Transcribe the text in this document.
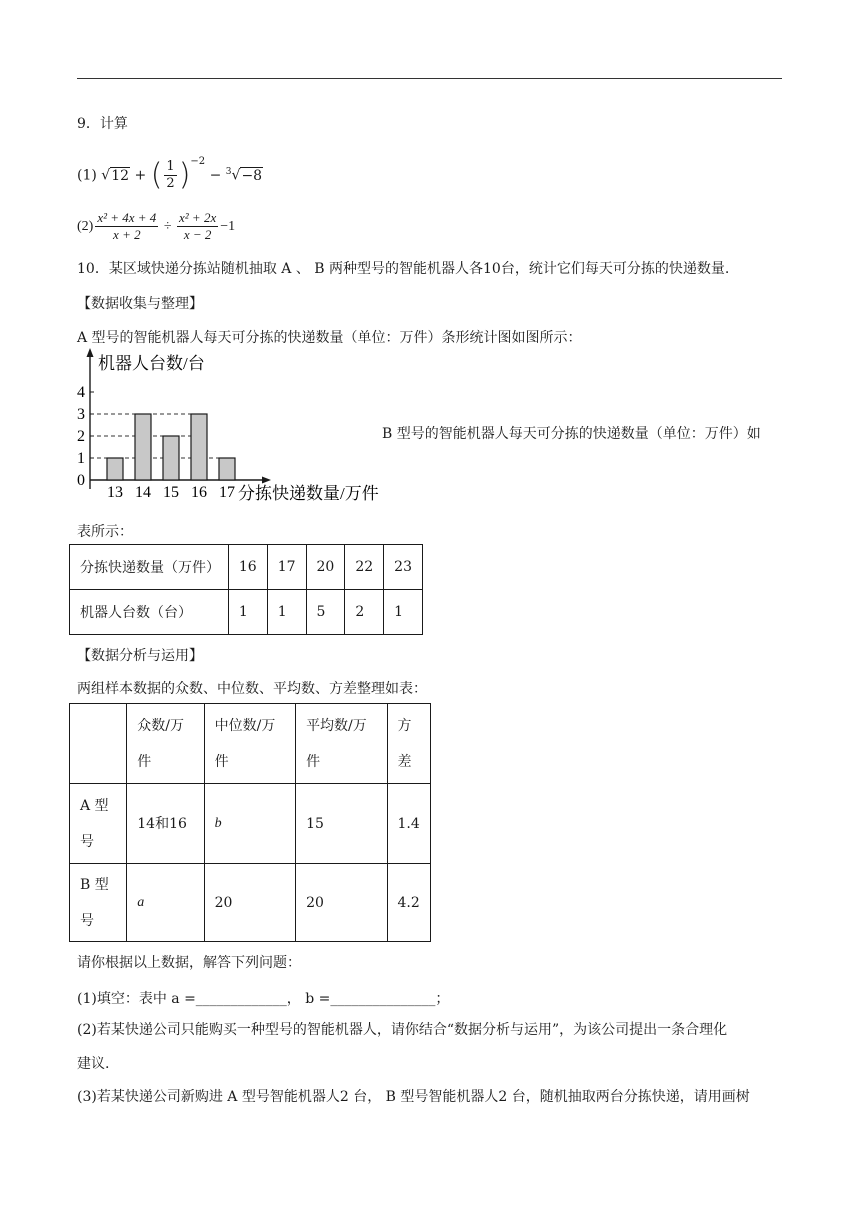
9．计算
(1) √12 + ( $\frac{1}{2} )^{-2} - ^3√-8$
$(2) \frac{\text{x² + 4x + 4}}{x + 2} \div \frac{\text{x² + 2x}}{x - 2} -1$
10．某区域快递分拣站随机抽取 A 、 B 两种型号的智能机器人各10台，统计它们每天可分拣的快递数量.
【数据收集与整理】
A 型号的智能机器人每天可分拣的快递数量（单位：万件）条形统计图如图所示：
机器人台数/台
分拣快递数量/万件
0
1
2
3
4
13 14 15 16 17
B 型号的智能机器人每天可分拣的快递数量（单位：万件）如
表所示：
分拣快递数量（万件）	16	17	20	22	23
机器人台数（台）	1	1	5	2	1
【数据分析与运用】
两组样本数据的众数、中位数、平均数、方差整理如表：
	众数/万件	中位数/万件	平均数/万件	方差
A 型号	14和16	b	15	1.4
B 型号	a	20	20	4.2
请你根据以上数据，解答下列问题：
(1)填空：表中 a =_____________， b =_______________；
(2)若某快递公司只能购买一种型号的智能机器人，请你结合“数据分析与运用”，为该公司提出一条合理化
建议.
(3)若某快递公司新购进 A 型号智能机器人2 台， B 型号智能机器人2 台，随机抽取两台分拣快递，请用画树
